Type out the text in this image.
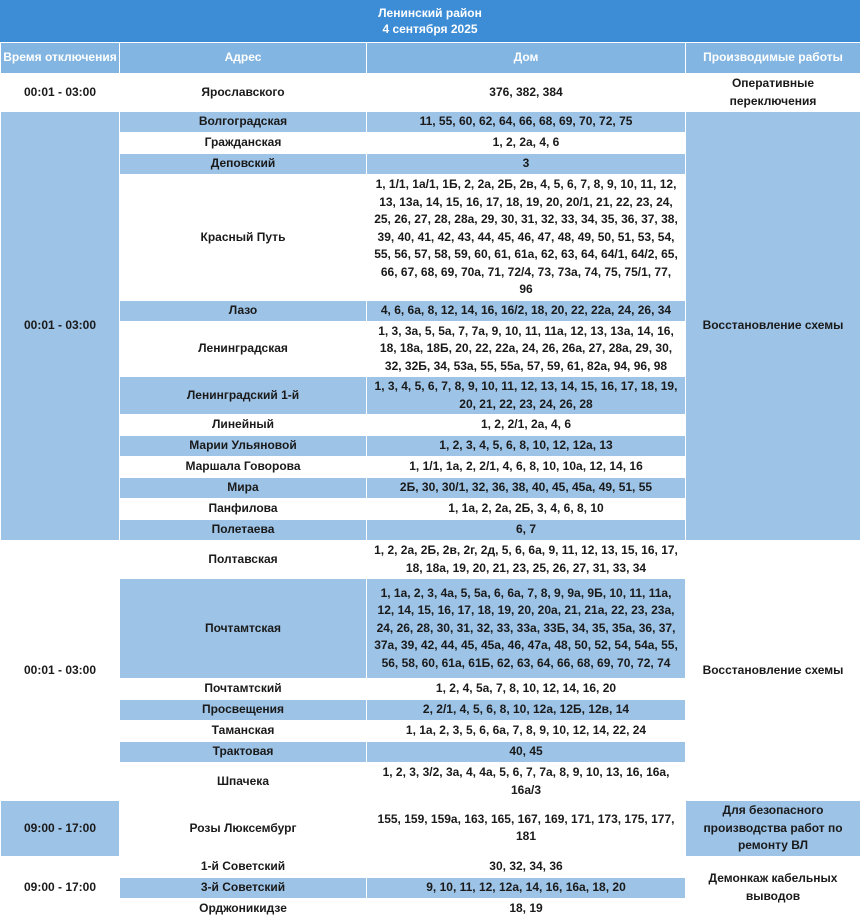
Ленинский район
4 сентября 2025
Время отключения	Адрес	Дом	Производимые работы
00:01 - 03:00	Ярославского	376, 382, 384	Оперативные переключения
00:01 - 03:00	Волгоградская	11, 55, 60, 62, 64, 66, 68, 69, 70, 72, 75	Восстановление схемы
	Гражданская	1, 2, 2а, 4, 6	
	Деповский	3	
	Красный Путь	1, 1/1, 1а/1, 1Б, 2, 2а, 2Б, 2в, 4, 5, 6, 7, 8, 9, 10, 11, 12, 13, 13а, 14, 15, 16, 17, 18, 19, 20, 20/1, 21, 22, 23, 24, 25, 26, 27, 28, 28а, 29, 30, 31, 32, 33, 34, 35, 36, 37, 38, 39, 40, 41, 42, 43, 44, 45, 46, 47, 48, 49, 50, 51, 53, 54, 55, 56, 57, 58, 59, 60, 61, 61а, 62, 63, 64, 64/1, 64/2, 65, 66, 67, 68, 69, 70а, 71, 72/4, 73, 73а, 74, 75, 75/1, 77, 96	
	Лазо	4, 6, 6а, 8, 12, 14, 16, 16/2, 18, 20, 22, 22а, 24, 26, 34	
	Ленинградская	1, 3, 3а, 5, 5а, 7, 7а, 9, 10, 11, 11а, 12, 13, 13а, 14, 16, 18, 18а, 18Б, 20, 22, 22а, 24, 26, 26а, 27, 28а, 29, 30, 32, 32Б, 34, 53а, 55, 55а, 57, 59, 61, 82а, 94, 96, 98	
	Ленинградский 1-й	1, 3, 4, 5, 6, 7, 8, 9, 10, 11, 12, 13, 14, 15, 16, 17, 18, 19, 20, 21, 22, 23, 24, 26, 28	
	Линейный	1, 2, 2/1, 2а, 4, 6	
	Марии Ульяновой	1, 2, 3, 4, 5, 6, 8, 10, 12, 12а, 13	
	Маршала Говорова	1, 1/1, 1а, 2, 2/1, 4, 6, 8, 10, 10а, 12, 14, 16	
	Мира	2Б, 30, 30/1, 32, 36, 38, 40, 45, 45а, 49, 51, 55	
	Панфилова	1, 1а, 2, 2а, 2Б, 3, 4, 6, 8, 10	
	Полетаева	6, 7	
00:01 - 03:00	Полтавская	1, 2, 2а, 2Б, 2в, 2г, 2д, 5, 6, 6а, 9, 11, 12, 13, 15, 16, 17, 18, 18а, 19, 20, 21, 23, 25, 26, 27, 31, 33, 34	Восстановление схемы
	Почтамтская	1, 1а, 2, 3, 4а, 5, 5а, 6, 6а, 7, 8, 9, 9а, 9Б, 10, 11, 11а, 12, 14, 15, 16, 17, 18, 19, 20, 20а, 21, 21а, 22, 23, 23а, 24, 26, 28, 30, 31, 32, 33, 33а, 33Б, 34, 35, 35а, 36, 37, 37а, 39, 42, 44, 45, 45а, 46, 47а, 48, 50, 52, 54, 54а, 55, 56, 58, 60, 61а, 61Б, 62, 63, 64, 66, 68, 69, 70, 72, 74	
	Почтамтский	1, 2, 4, 5а, 7, 8, 10, 12, 14, 16, 20	
	Просвещения	2, 2/1, 4, 5, 6, 8, 10, 12а, 12Б, 12в, 14	
	Таманская	1, 1а, 2, 3, 5, 6, 6а, 7, 8, 9, 10, 12, 14, 22, 24	
	Трактовая	40, 45	
	Шпачека	1, 2, 3, 3/2, 3а, 4, 4а, 5, 6, 7, 7а, 8, 9, 10, 13, 16, 16а, 16а/3	
09:00 - 17:00	Розы Люксембург	155, 159, 159а, 163, 165, 167, 169, 171, 173, 175, 177, 181	Для безопасного производства работ по ремонту ВЛ
09:00 - 17:00	1-й Советский	30, 32, 34, 36	Демонкаж кабельных выводов
	3-й Советский	9, 10, 11, 12, 12а, 14, 16, 16а, 18, 20	
	Орджоникидзе	18, 19	
